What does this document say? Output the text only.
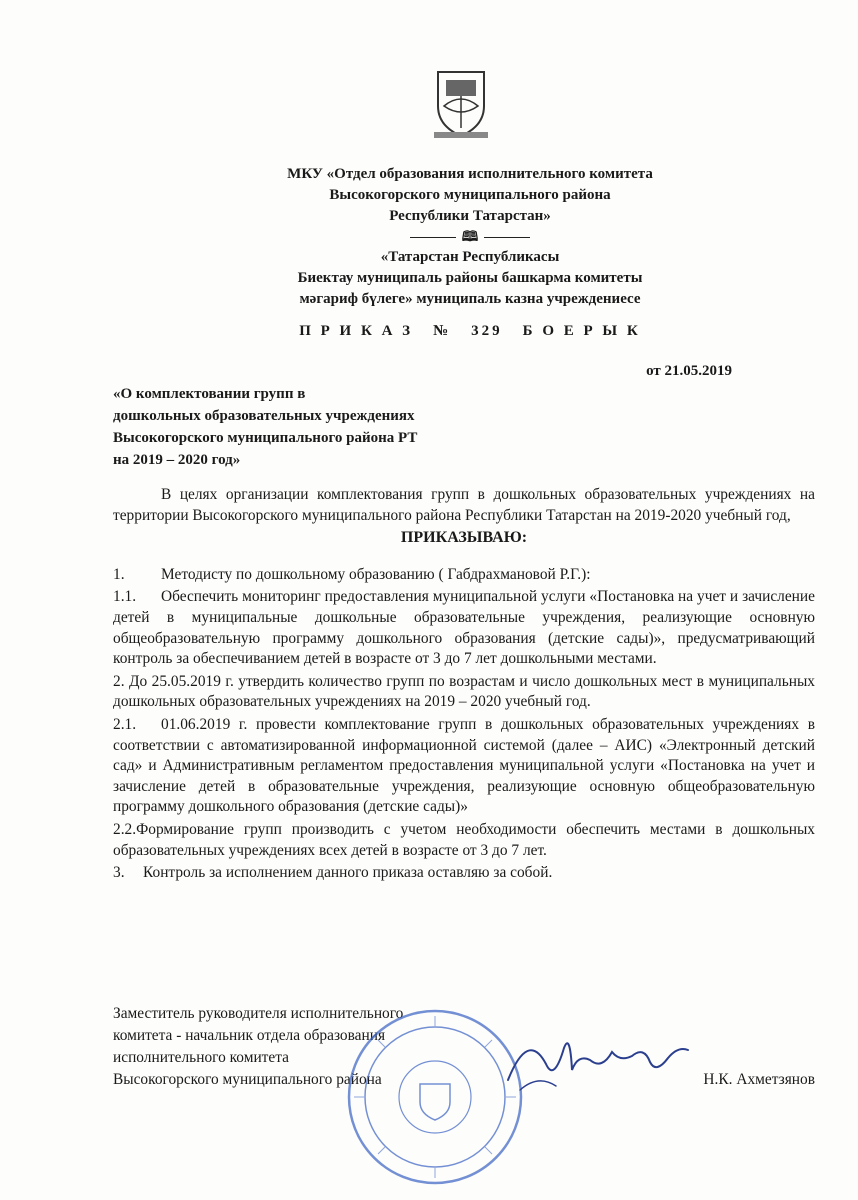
МКУ «Отдел образования исполнительного комитета
Высокогорского муниципального района
Республики Татарстан»
🕮
«Татарстан Республикасы
Биектау муниципаль районы башкарма комитеты
мәгариф бүлеге» муниципаль казна учреждениесе
П Р И К А З № 329 Б О Е Р Ы К
от 21.05.2019
«О комплектовании групп в
дошкольных образовательных учреждениях
Высокогорского муниципального района РТ
на 2019 – 2020 год»

В целях организации комплектования групп в дошкольных образовательных учреждениях на территории Высокогорского муниципального района Республики Татарстан на 2019-2020 учебный год,

ПРИКАЗЫВАЮ:

1. Методисту по дошкольному образованию ( Габдрахмановой Р.Г.):

1.1. Обеспечить мониторинг предоставления муниципальной услуги «Постановка на учет и зачисление детей в муниципальные дошкольные образовательные учреждения, реализующие основную общеобразовательную программу дошкольного образования (детские сады)», предусматривающий контроль за обеспечиванием детей в возрасте от 3 до 7 лет дошкольными местами.

2. До 25.05.2019 г. утвердить количество групп по возрастам и число дошкольных мест в муниципальных дошкольных образовательных учреждениях на 2019 – 2020 учебный год.

2.1. 01.06.2019 г. провести комплектование групп в дошкольных образовательных учреждениях в соответствии с автоматизированной информационной системой (далее – АИС) «Электронный детский сад» и Административным регламентом предоставления муниципальной услуги «Постановка на учет и зачисление детей в образовательные учреждения, реализующие основную общеобразовательную программу дошкольного образования (детские сады)»

2.2.Формирование групп производить с учетом необходимости обеспечить местами в дошкольных образовательных учреждениях всех детей в возрасте от 3 до 7 лет.

3. Контроль за исполнением данного приказа оставляю за собой.

Заместитель руководителя исполнительного
комитета - начальник отдела образования
исполнительного комитета
Высокогорского муниципального района	Н.К. Ахметзянов
